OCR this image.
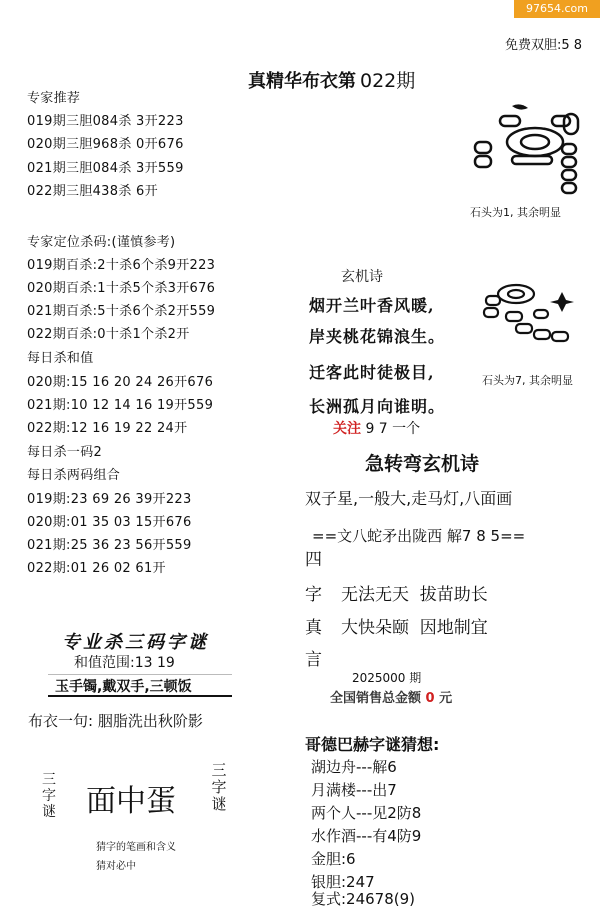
97654.com
免费双胆:5 8
真精华布衣第 022期
专家推荐
019期三胆084杀 3开223
020期三胆968杀 0开676
021期三胆084杀 3开559
022期三胆438杀 6开
专家定位杀码:(谨慎参考)
019期百杀:2十杀6个杀9开223
020期百杀:1十杀5个杀3开676
021期百杀:5十杀6个杀2开559
022期百杀:0十杀1个杀2开
每日杀和值
020期:15 16 20 24 26开676
021期:10 12 14 16 19开559
022期:12 16 19 22 24开
每日杀一码2
每日杀两码组合
019期:23 69 26 39开223
020期:01 35 03 15开676
021期:25 36 23 56开559
022期:01 26 02 61开
专业杀三码字谜
和值范围:13 19
玉手镯,戴双手,三顿饭
布衣一句: 胭脂洗出秋阶影
三字谜 面中蛋
三字谜
猜字的笔画和含义
猜对必中
石头为1, 其余明显
石头为7, 其余明显
玄机诗
烟开兰叶香风暖,
岸夹桃花锦浪生。
迁客此时徒极目,
长洲孤月向谁明。
关注 9 7 一个
急转弯玄机诗
双子星,一般大,走马灯,八面画
==文八蛇矛出陇西 解7 8 5==
四
字
真
言
无法无天  拔苗助长
大快朵颐  因地制宜
2025000 期
全国销售总金额 0 元
哥德巴赫字谜猜想:
湖边舟---解6
月满楼---出7
两个人---见2防8
水作酒---有4防9
金胆:6
银胆:247
复式:24678(9)
